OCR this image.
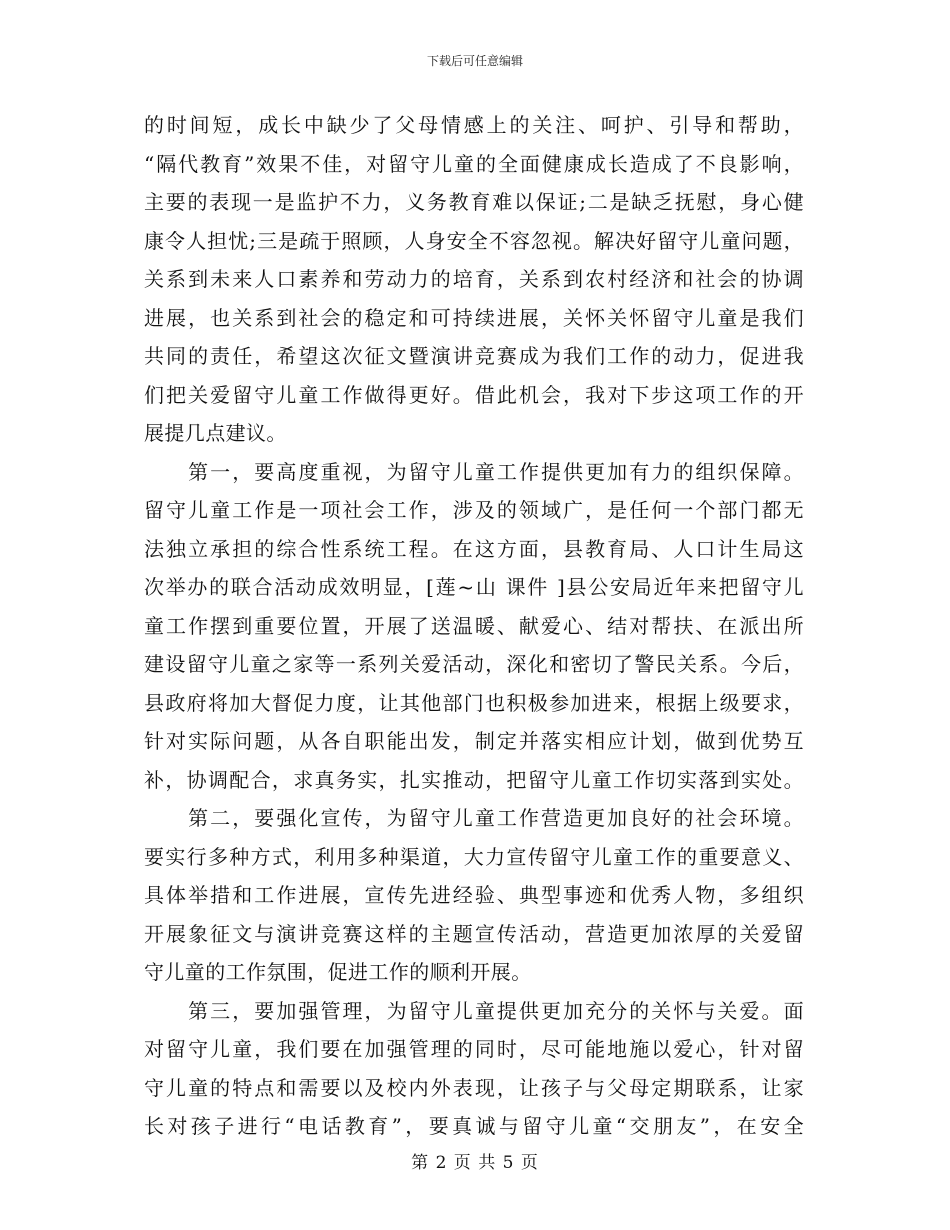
下载后可任意编辑
的时间短，成长中缺少了父母情感上的关注、呵护、引导和帮助，
“隔代教育”效果不佳，对留守儿童的全面健康成长造成了不良影响，
主要的表现一是监护不力，义务教育难以保证;二是缺乏抚慰，身心健
康令人担忧;三是疏于照顾，人身安全不容忽视。解决好留守儿童问题，
关系到未来人口素养和劳动力的培育，关系到农村经济和社会的协调
进展，也关系到社会的稳定和可持续进展，关怀关怀留守儿童是我们
共同的责任，希望这次征文暨演讲竞赛成为我们工作的动力，促进我
们把关爱留守儿童工作做得更好。借此机会，我对下步这项工作的开
展提几点建议。
　　第一，要高度重视，为留守儿童工作提供更加有力的组织保障。
留守儿童工作是一项社会工作，涉及的领域广，是任何一个部门都无
法独立承担的综合性系统工程。在这方面，县教育局、人口计生局这
次举办的联合活动成效明显，[莲~山 课件 ]县公安局近年来把留守儿
童工作摆到重要位置，开展了送温暖、献爱心、结对帮扶、在派出所
建设留守儿童之家等一系列关爱活动，深化和密切了警民关系。今后，
县政府将加大督促力度，让其他部门也积极参加进来，根据上级要求，
针对实际问题，从各自职能出发，制定并落实相应计划，做到优势互
补，协调配合，求真务实，扎实推动，把留守儿童工作切实落到实处。
　　第二，要强化宣传，为留守儿童工作营造更加良好的社会环境。
要实行多种方式，利用多种渠道，大力宣传留守儿童工作的重要意义、
具体举措和工作进展，宣传先进经验、典型事迹和优秀人物，多组织
开展象征文与演讲竞赛这样的主题宣传活动，营造更加浓厚的关爱留
守儿童的工作氛围，促进工作的顺利开展。
　　第三，要加强管理，为留守儿童提供更加充分的关怀与关爱。面
对留守儿童，我们要在加强管理的同时，尽可能地施以爱心，针对留
守儿童的特点和需要以及校内外表现，让孩子与父母定期联系，让家
长对孩子进行“电话教育”，要真诚与留守儿童“交朋友”，在安全
第 2 页 共 5 页
